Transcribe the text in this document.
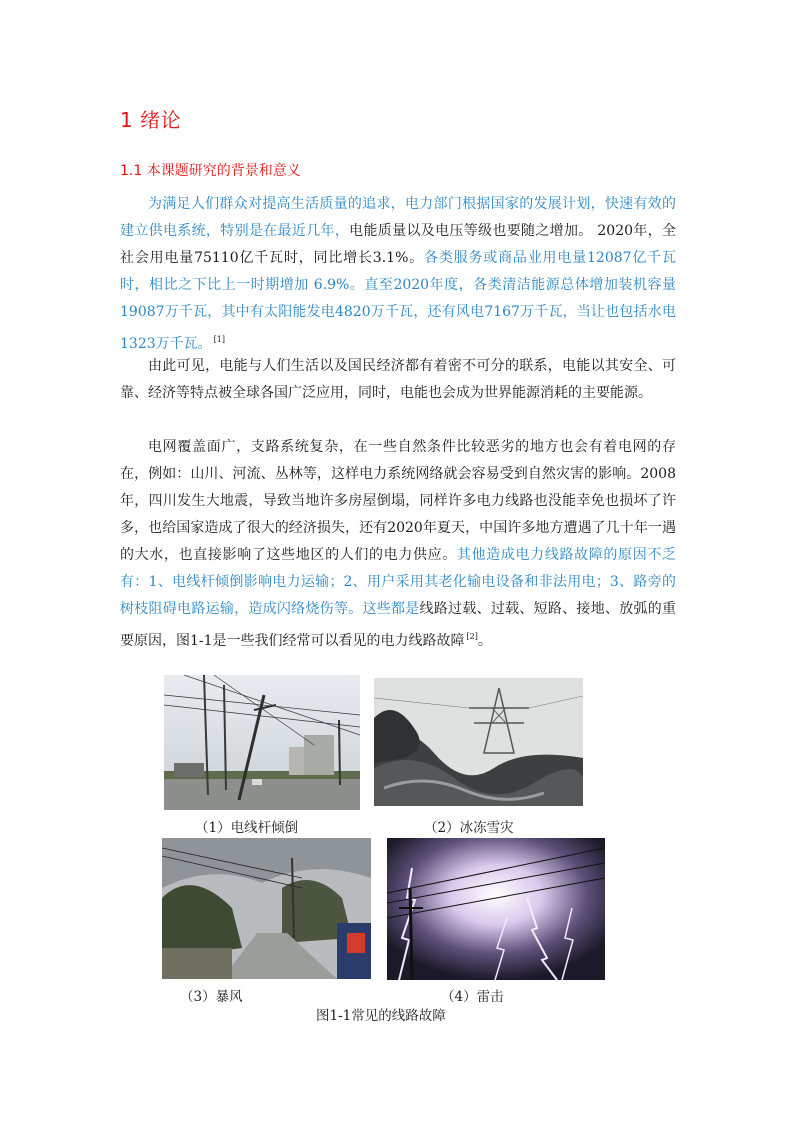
1 绪论
1.1 本课题研究的背景和意义

为满足人们群众对提高生活质量的追求，电力部门根据国家的发展计划，快速有效的建立供电系统，特别是在最近几年，电能质量以及电压等级也要随之增加。 2020年，全社会用电量75110亿千瓦时，同比增长3.1%。各类服务或商品业用电量12087亿千瓦时，相比之下比上一时期增加 6.9%。直至2020年度，各类清洁能源总体增加装机容量19087万千瓦，其中有太阳能发电4820万千瓦，还有风电7167万千瓦，当让也包括水电1323万千瓦。 [1]

由此可见，电能与人们生活以及国民经济都有着密不可分的联系，电能以其安全、可靠、经济等特点被全球各国广泛应用，同时，电能也会成为世界能源消耗的主要能源。

电网覆盖面广，支路系统复杂，在一些自然条件比较恶劣的地方也会有着电网的存在，例如：山川、河流、丛林等，这样电力系统网络就会容易受到自然灾害的影响。2008年，四川发生大地震，导致当地许多房屋倒塌，同样许多电力线路也没能幸免也损坏了许多，也给国家造成了很大的经济损失，还有2020年夏天，中国许多地方遭遇了几十年一遇的大水，也直接影响了这些地区的人们的电力供应。其他造成电力线路故障的原因不乏有：1、电线杆倾倒影响电力运输；2、用户采用其老化输电设备和非法用电；3、路旁的树枝阻碍电路运输，造成闪络烧伤等。这些都是线路过载、过载、短路、接地、放弧的重要原因，图1-1是一些我们经常可以看见的电力线路故障 [2]。

（1）电线杆倾倒	（2）冰冻雪灾
（3）暴风	（4）雷击
图1-1常见的线路故障
